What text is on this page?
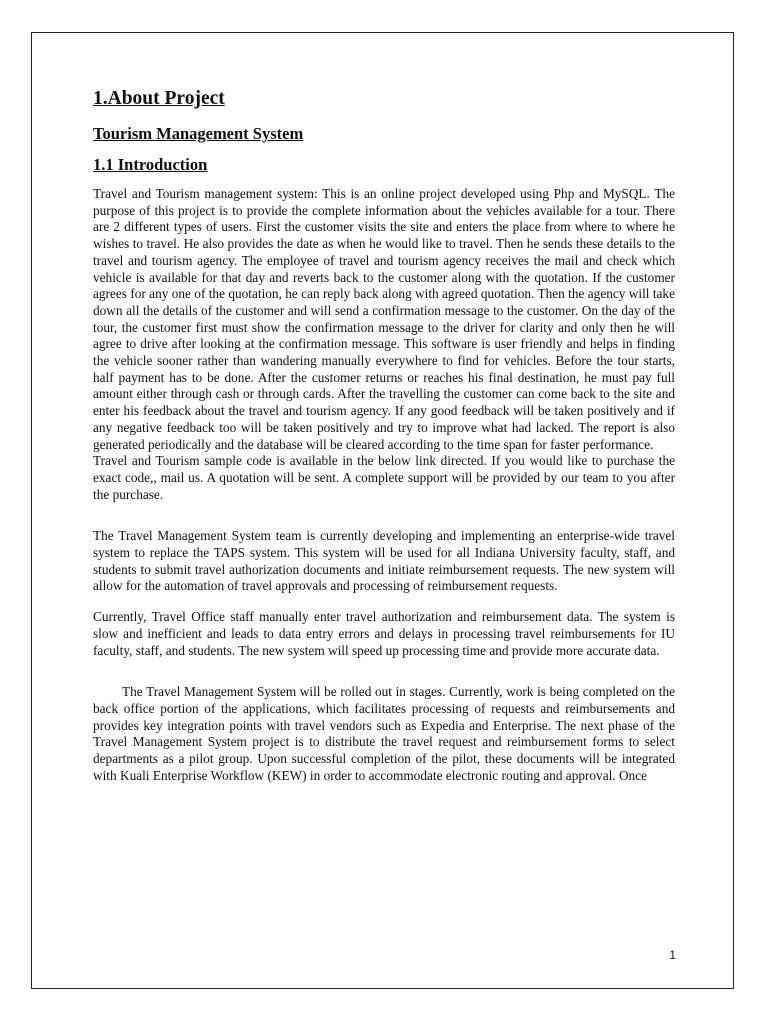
1.About Project
Tourism Management System
1.1 Introduction

Travel and Tourism management system: This is an online project developed using Php and MySQL. The purpose of this project is to provide the complete information about the vehicles available for a tour. There are 2 different types of users. First the customer visits the site and enters the place from where to where he wishes to travel. He also provides the date as when he would like to travel. Then he sends these details to the travel and tourism agency. The employee of travel and tourism agency receives the mail and check which vehicle is available for that day and reverts back to the customer along with the quotation. If the customer agrees for any one of the quotation, he can reply back along with agreed quotation. Then the agency will take down all the details of the customer and will send a confirmation message to the customer. On the day of the tour, the customer first must show the confirmation message to the driver for clarity and only then he will agree to drive after looking at the confirmation message. This software is user friendly and helps in finding the vehicle sooner rather than wandering manually everywhere to find for vehicles. Before the tour starts, half payment has to be done. After the customer returns or reaches his final destination, he must pay full amount either through cash or through cards. After the travelling the customer can come back to the site and enter his feedback about the travel and tourism agency. If any good feedback will be taken positively and if any negative feedback too will be taken positively and try to improve what had lacked. The report is also generated periodically and the database will be cleared according to the time span for faster performance.

Travel and Tourism sample code is available in the below link directed. If you would like to purchase the exact code,, mail us. A quotation will be sent. A complete support will be provided by our team to you after the purchase.

The Travel Management System team is currently developing and implementing an enterprise-wide travel system to replace the TAPS system. This system will be used for all Indiana University faculty, staff, and students to submit travel authorization documents and initiate reimbursement requests. The new system will allow for the automation of travel approvals and processing of reimbursement requests.

Currently, Travel Office staff manually enter travel authorization and reimbursement data. The system is slow and inefficient and leads to data entry errors and delays in processing travel reimbursements for IU faculty, staff, and students. The new system will speed up processing time and provide more accurate data.

The Travel Management System will be rolled out in stages. Currently, work is being completed on the back office portion of the applications, which facilitates processing of requests and reimbursements and provides key integration points with travel vendors such as Expedia and Enterprise. The next phase of the Travel Management System project is to distribute the travel request and reimbursement forms to select departments as a pilot group. Upon successful completion of the pilot, these documents will be integrated with Kuali Enterprise Workflow (KEW) in order to accommodate electronic routing and approval. Once

1
